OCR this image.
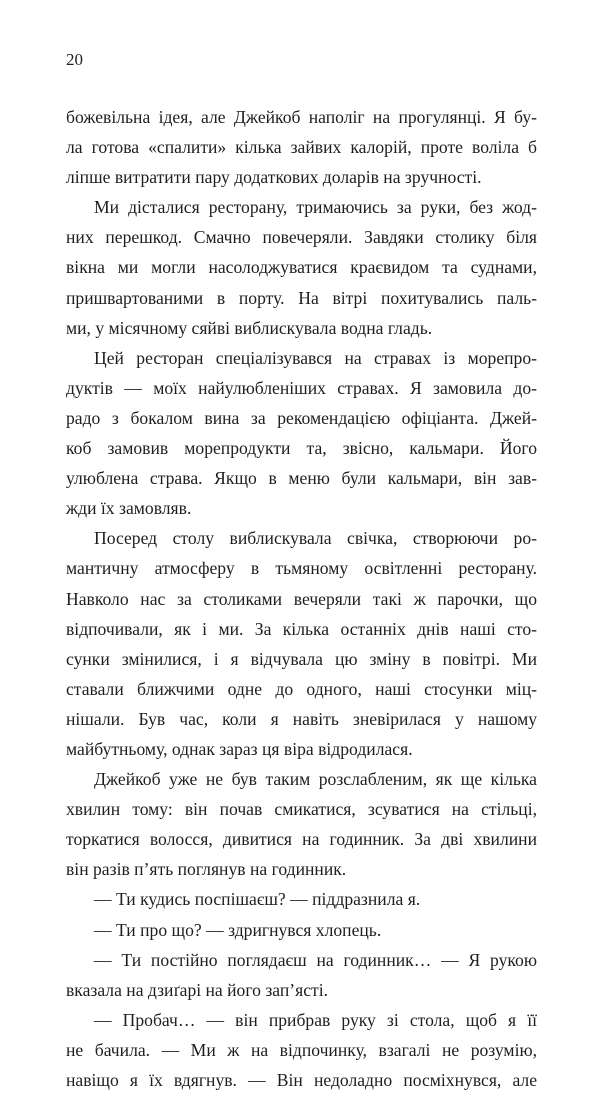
20
божевільна ідея, але Джейкоб наполіг на прогулянці. Я бу-
ла готова «спалити» кілька зайвих калорій, проте воліла б
ліпше витратити пару додаткових доларів на зручності.
Ми дісталися ресторану, тримаючись за руки, без жод-
них перешкод. Смачно повечеряли. Завдяки столику біля
вікна ми могли насолоджуватися краєвидом та суднами,
пришвартованими в порту. На вітрі похитувались паль-
ми, у місячному сяйві виблискувала водна гладь.
Цей ресторан спеціалізувався на стравах із морепро-
дуктів — моїх найулюбленіших стравах. Я замовила до-
радо з бокалом вина за рекомендацією офіціанта. Джей-
коб замовив морепродукти та, звісно, кальмари. Його
улюблена страва. Якщо в меню були кальмари, він зав-
жди їх замовляв.
Посеред столу виблискувала свічка, створюючи ро-
мантичну атмосферу в тьмяному освітленні ресторану.
Навколо нас за столиками вечеряли такі ж парочки, що
відпочивали, як і ми. За кілька останніх днів наші сто-
сунки змінилися, і я відчувала цю зміну в повітрі. Ми
ставали ближчими одне до одного, наші стосунки міц-
нішали. Був час, коли я навіть зневірилася у нашому
майбутньому, однак зараз ця віра відродилася.
Джейкоб уже не був таким розслабленим, як ще кілька
хвилин тому: він почав смикатися, зсуватися на стільці,
торкатися волосся, дивитися на годинник. За дві хвилини
він разів п’ять поглянув на годинник.
— Ти кудись поспішаєш? — піддразнила я.
— Ти про що? — здригнувся хлопець.
— Ти постійно поглядаєш на годинник… — Я рукою
вказала на дзиґарі на його зап’ясті.
— Пробач… — він прибрав руку зі стола, щоб я її
не бачила. — Ми ж на відпочинку, взагалі не розумію,
навіщо я їх вдягнув. — Він недоладно посміхнувся, але
